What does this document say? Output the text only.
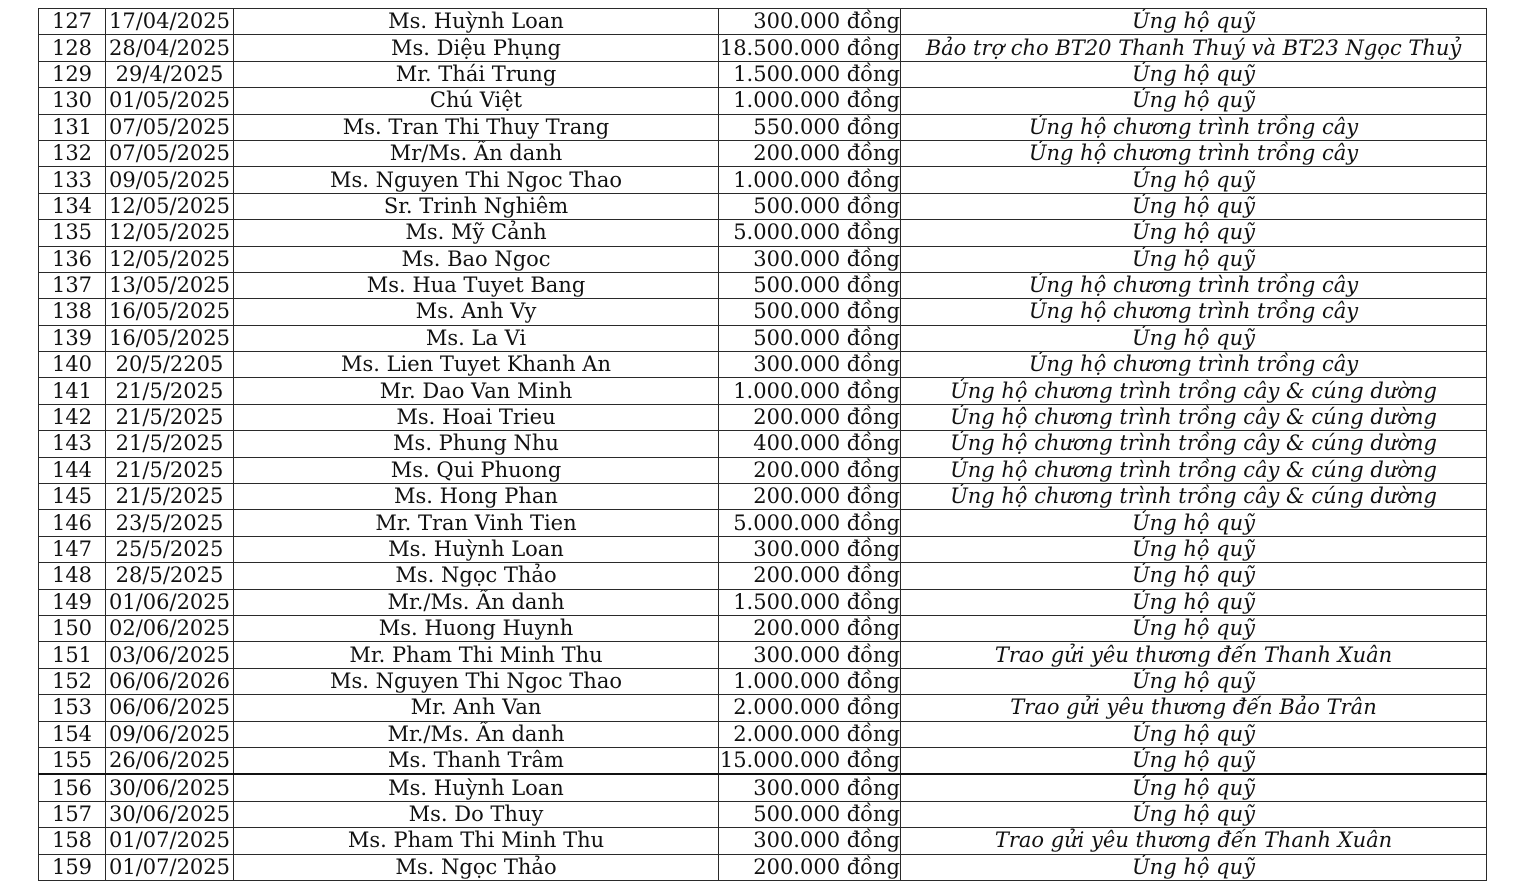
127	17/04/2025	Ms. Huỳnh Loan	300.000 đồng	Ủng hộ quỹ
128	28/04/2025	Ms. Diệu Phụng	18.500.000 đồng	Bảo trợ cho BT20 Thanh Thuý và BT23 Ngọc Thuỷ
129	29/4/2025	Mr. Thái Trung	1.500.000 đồng	Ủng hộ quỹ
130	01/05/2025	Chú Việt	1.000.000 đồng	Ủng hộ quỹ
131	07/05/2025	Ms. Tran Thi Thuy Trang	550.000 đồng	Ủng hộ chương trình trồng cây
132	07/05/2025	Mr/Ms. Ẩn danh	200.000 đồng	Ủng hộ chương trình trồng cây
133	09/05/2025	Ms. Nguyen Thi Ngoc Thao	1.000.000 đồng	Ủng hộ quỹ
134	12/05/2025	Sr. Trinh Nghiêm	500.000 đồng	Ủng hộ quỹ
135	12/05/2025	Ms. Mỹ Cảnh	5.000.000 đồng	Ủng hộ quỹ
136	12/05/2025	Ms. Bao Ngoc	300.000 đồng	Ủng hộ quỹ
137	13/05/2025	Ms. Hua Tuyet Bang	500.000 đồng	Ủng hộ chương trình trồng cây
138	16/05/2025	Ms. Anh Vy	500.000 đồng	Ủng hộ chương trình trồng cây
139	16/05/2025	Ms. La Vi	500.000 đồng	Ủng hộ quỹ
140	20/5/2205	Ms. Lien Tuyet Khanh An	300.000 đồng	Ủng hộ chương trình trồng cây
141	21/5/2025	Mr. Dao Van Minh	1.000.000 đồng	Ủng hộ chương trình trồng cây & cúng dường
142	21/5/2025	Ms. Hoai Trieu	200.000 đồng	Ủng hộ chương trình trồng cây & cúng dường
143	21/5/2025	Ms. Phung Nhu	400.000 đồng	Ủng hộ chương trình trồng cây & cúng dường
144	21/5/2025	Ms. Qui Phuong	200.000 đồng	Ủng hộ chương trình trồng cây & cúng dường
145	21/5/2025	Ms. Hong Phan	200.000 đồng	Ủng hộ chương trình trồng cây & cúng dường
146	23/5/2025	Mr. Tran Vinh Tien	5.000.000 đồng	Ủng hộ quỹ
147	25/5/2025	Ms. Huỳnh Loan	300.000 đồng	Ủng hộ quỹ
148	28/5/2025	Ms. Ngọc Thảo	200.000 đồng	Ủng hộ quỹ
149	01/06/2025	Mr./Ms. Ẩn danh	1.500.000 đồng	Ủng hộ quỹ
150	02/06/2025	Ms. Huong Huynh	200.000 đồng	Ủng hộ quỹ
151	03/06/2025	Mr. Pham Thi Minh Thu	300.000 đồng	Trao gửi yêu thương đến Thanh Xuân
152	06/06/2026	Ms. Nguyen Thi Ngoc Thao	1.000.000 đồng	Ủng hộ quỹ
153	06/06/2025	Mr. Anh Van	2.000.000 đồng	Trao gửi yêu thương đến Bảo Trân
154	09/06/2025	Mr./Ms. Ẩn danh	2.000.000 đồng	Ủng hộ quỹ
155	26/06/2025	Ms. Thanh Trâm	15.000.000 đồng	Ủng hộ quỹ
156	30/06/2025	Ms. Huỳnh Loan	300.000 đồng	Ủng hộ quỹ
157	30/06/2025	Ms. Do Thuy	500.000 đồng	Ủng hộ quỹ
158	01/07/2025	Ms. Pham Thi Minh Thu	300.000 đồng	Trao gửi yêu thương đến Thanh Xuân
159	01/07/2025	Ms. Ngọc Thảo	200.000 đồng	Ủng hộ quỹ
